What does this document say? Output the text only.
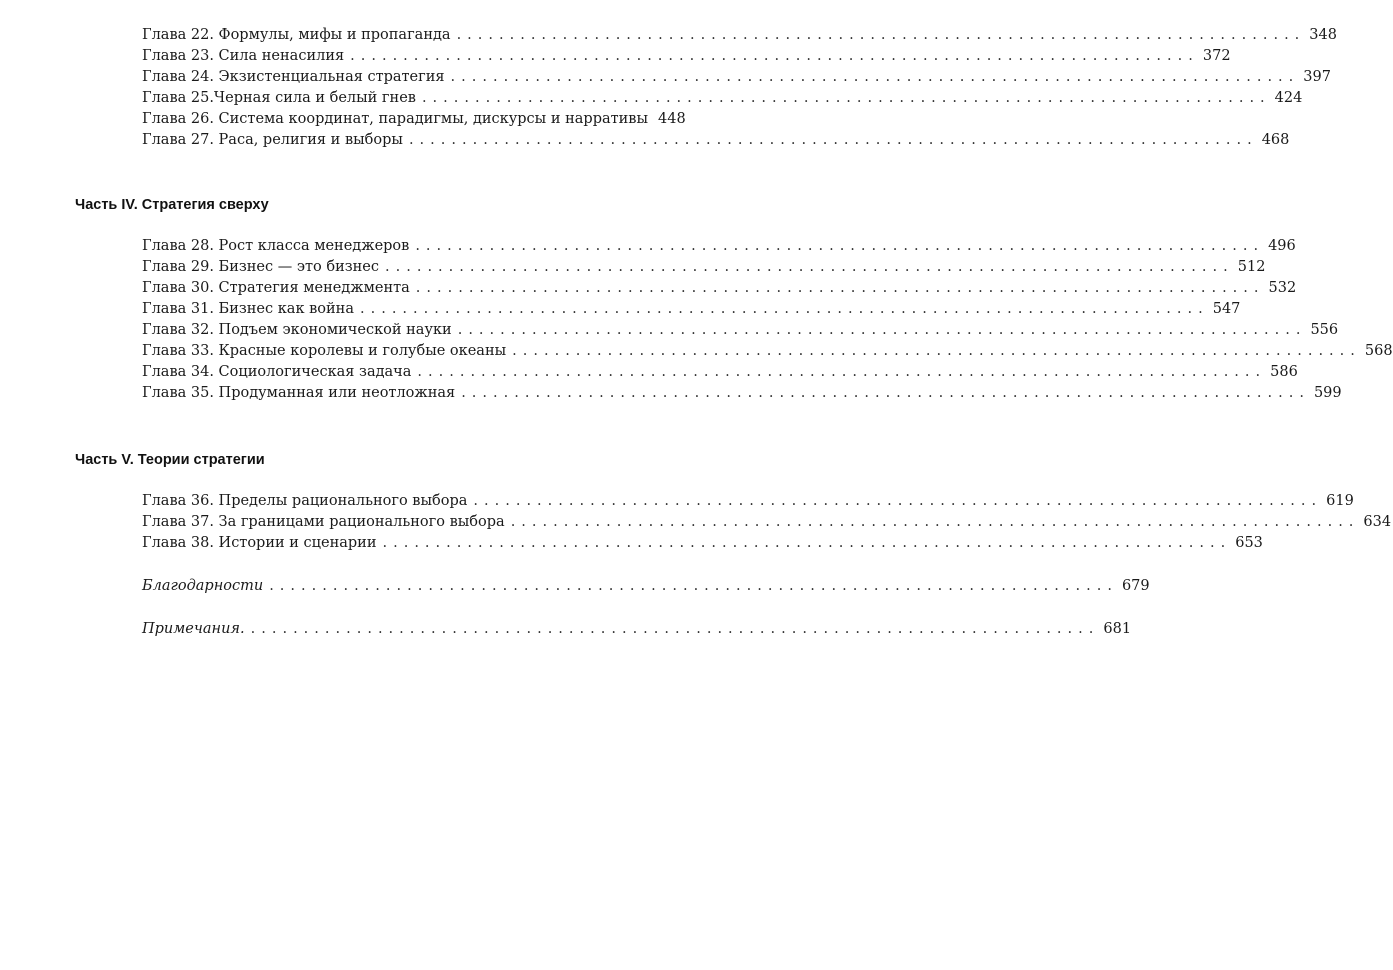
Глава 22. Формулы, мифы и пропаганда ................................................................................ 348
Глава 23. Сила ненасилия ................................................................................ 372
Глава 24. Экзистенциальная стратегия ................................................................................ 397
Глава 25.Черная сила и белый гнев ................................................................................ 424
Глава 26. Система координат, парадигмы, дискурсы и нарративы 448
Глава 27. Раса, религия и выборы ................................................................................ 468
Часть IV. Стратегия сверху
Глава 28. Рост класса менеджеров ................................................................................ 496
Глава 29. Бизнес — это бизнес ................................................................................ 512
Глава 30. Стратегия менеджмента ................................................................................ 532
Глава 31. Бизнес как война ................................................................................ 547
Глава 32. Подъем экономической науки ................................................................................ 556
Глава 33. Красные королевы и голубые океаны ................................................................................ 568
Глава 34. Социологическая задача ................................................................................ 586
Глава 35. Продуманная или неотложная ................................................................................ 599
Часть V. Теории стратегии
Глава 36. Пределы рационального выбора ................................................................................ 619
Глава 37. За границами рационального выбора ................................................................................ 634
Глава 38. Истории и сценарии ................................................................................ 653
Благодарности ................................................................................ 679
Примечания. ................................................................................ 681
